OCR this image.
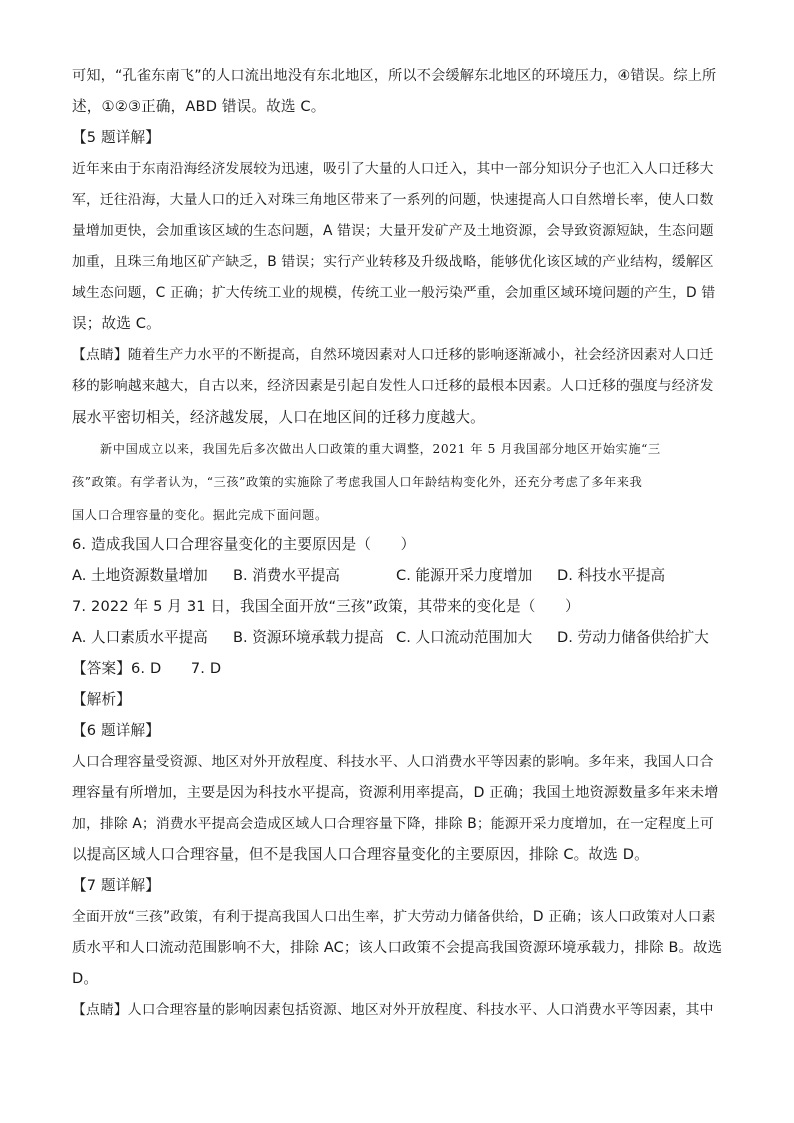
可知，“孔雀东南飞”的人口流出地没有东北地区，所以不会缓解东北地区的环境压力，④错误。综上所
述，①②③正确，ABD 错误。故选 C。
【5 题详解】
近年来由于东南沿海经济发展较为迅速，吸引了大量的人口迁入，其中一部分知识分子也汇入人口迁移大
军，迁往沿海，大量人口的迁入对珠三角地区带来了一系列的问题，快速提高人口自然增长率，使人口数
量增加更快，会加重该区域的生态问题，A 错误；大量开发矿产及土地资源，会导致资源短缺，生态问题
加重，且珠三角地区矿产缺乏，B 错误；实行产业转移及升级战略，能够优化该区域的产业结构，缓解区
域生态问题，C 正确；扩大传统工业的规模，传统工业一般污染严重，会加重区域环境问题的产生，D 错
误；故选 C。
【点睛】随着生产力水平的不断提高，自然环境因素对人口迁移的影响逐渐减小，社会经济因素对人口迁
移的影响越来越大，自古以来，经济因素是引起自发性人口迁移的最根本因素。人口迁移的强度与经济发
展水平密切相关，经济越发展，人口在地区间的迁移力度越大。
新中国成立以来，我国先后多次做出人口政策的重大调整，2021 年 5 月我国部分地区开始实施“三
孩”政策。有学者认为，“三孩”政策的实施除了考虑我国人口年龄结构变化外，还充分考虑了多年来我
国人口合理容量的变化。据此完成下面问题。
6. 造成我国人口合理容量变化的主要原因是（　　）
A. 土地资源数量增加 B. 消费水平提高	C. 能源开采力度增加 D. 科技水平提高
7. 2022 年 5 月 31 日，我国全面开放“三孩”政策，其带来的变化是（　　）
A. 人口素质水平提高 B. 资源环境承载力提高 C. 人口流动范围加大 D. 劳动力储备供给扩大
【答案】6. D　　7. D
【解析】
【6 题详解】
人口合理容量受资源、地区对外开放程度、科技水平、人口消费水平等因素的影响。多年来，我国人口合
理容量有所增加，主要是因为科技水平提高，资源利用率提高，D 正确；我国土地资源数量多年来未增
加，排除 A；消费水平提高会造成区域人口合理容量下降，排除 B；能源开采力度增加，在一定程度上可
以提高区域人口合理容量，但不是我国人口合理容量变化的主要原因，排除 C。故选 D。
【7 题详解】
全面开放“三孩”政策，有利于提高我国人口出生率，扩大劳动力储备供给，D 正确；该人口政策对人口素
质水平和人口流动范围影响不大，排除 AC；该人口政策不会提高我国资源环境承载力，排除 B。故选
D。
【点睛】人口合理容量的影响因素包括资源、地区对外开放程度、科技水平、人口消费水平等因素，其中
